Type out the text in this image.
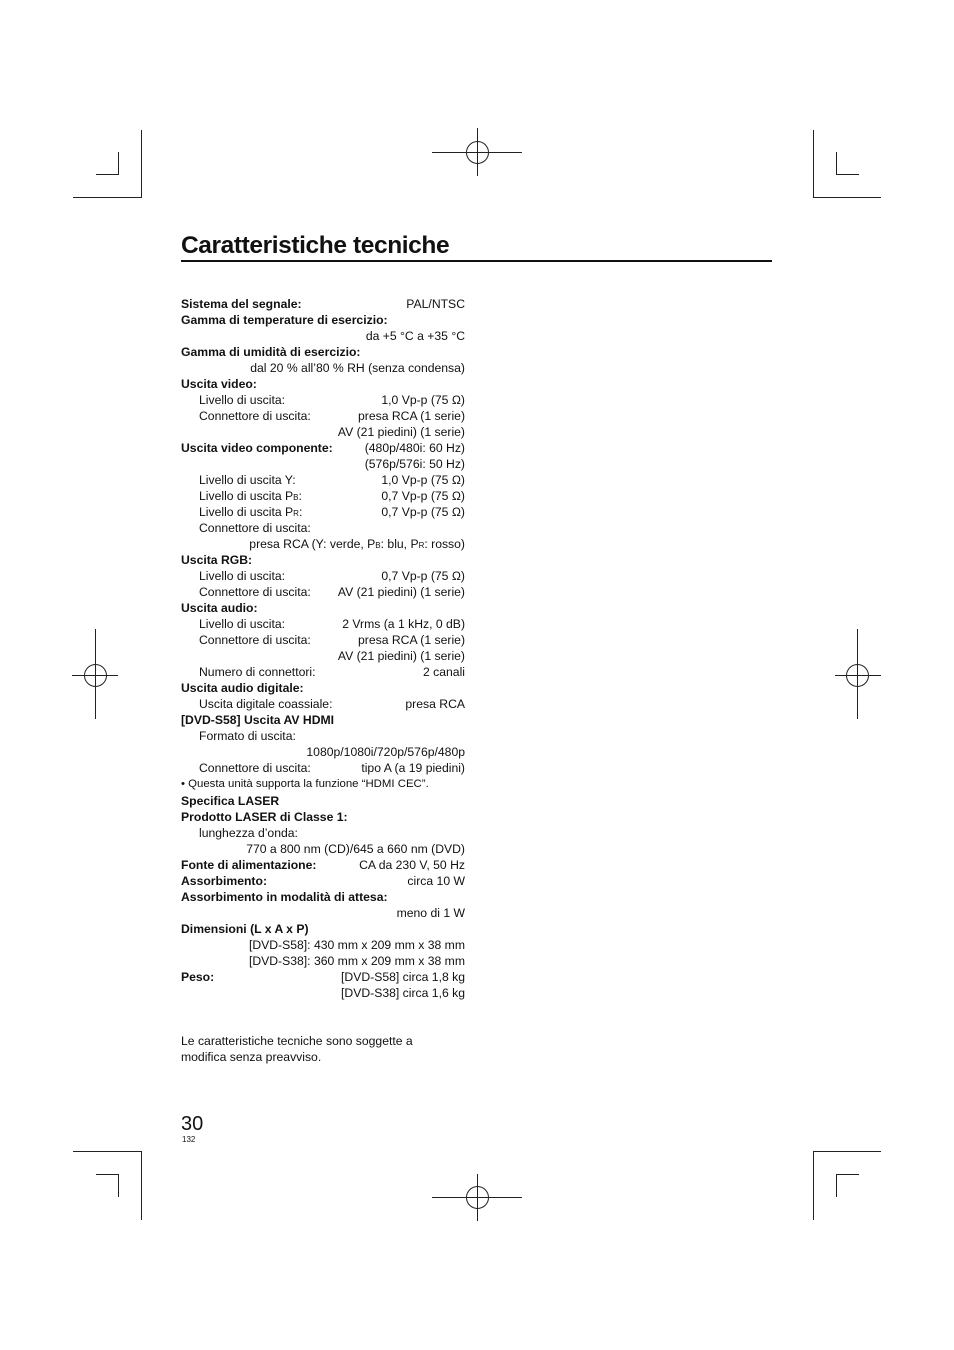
Caratteristiche tecniche
Sistema del segnale:	PAL/NTSC
Gamma di temperature di esercizio:
da +5 °C a +35 °C
Gamma di umidità di esercizio:
dal 20 % all’80 % RH (senza condensa)
Uscita video:
Livello di uscita:	1,0 Vp-p (75 Ω)
Connettore di uscita:	presa RCA (1 serie)
AV (21 piedini) (1 serie)
Uscita video componente:	(480p/480i: 60 Hz)
(576p/576i: 50 Hz)
Livello di uscita Y:	1,0 Vp-p (75 Ω)
Livello di uscita PB:	0,7 Vp-p (75 Ω)
Livello di uscita PR:	0,7 Vp-p (75 Ω)
Connettore di uscita:
presa RCA (Y: verde, PB: blu, PR: rosso)
Uscita RGB:
Livello di uscita:	0,7 Vp-p (75 Ω)
Connettore di uscita: AV (21 piedini) (1 serie)
Uscita audio:
Livello di uscita:	2 Vrms (a 1 kHz, 0 dB)
Connettore di uscita:	presa RCA (1 serie)
AV (21 piedini) (1 serie)
Numero di connettori:	2 canali
Uscita audio digitale:
Uscita digitale coassiale:	presa RCA
[DVD-S58] Uscita AV HDMI
Formato di uscita:
1080p/1080i/720p/576p/480p
Connettore di uscita:	tipo A (a 19 piedini)
• Questa unità supporta la funzione “HDMI CEC”.
Specifica LASER
Prodotto LASER di Classe 1:
lunghezza d’onda:
770 a 800 nm (CD)/645 a 660 nm (DVD)
Fonte di alimentazione:	CA da 230 V, 50 Hz
Assorbimento:	circa 10 W
Assorbimento in modalità di attesa:
meno di 1 W
Dimensioni (L x A x P)
[DVD-S58]: 430 mm x 209 mm x 38 mm
[DVD-S38]: 360 mm x 209 mm x 38 mm
Peso:	[DVD-S58] circa 1,8 kg
[DVD-S38] circa 1,6 kg
Le caratteristiche tecniche sono soggette a
modifica senza preavviso.
30
132
